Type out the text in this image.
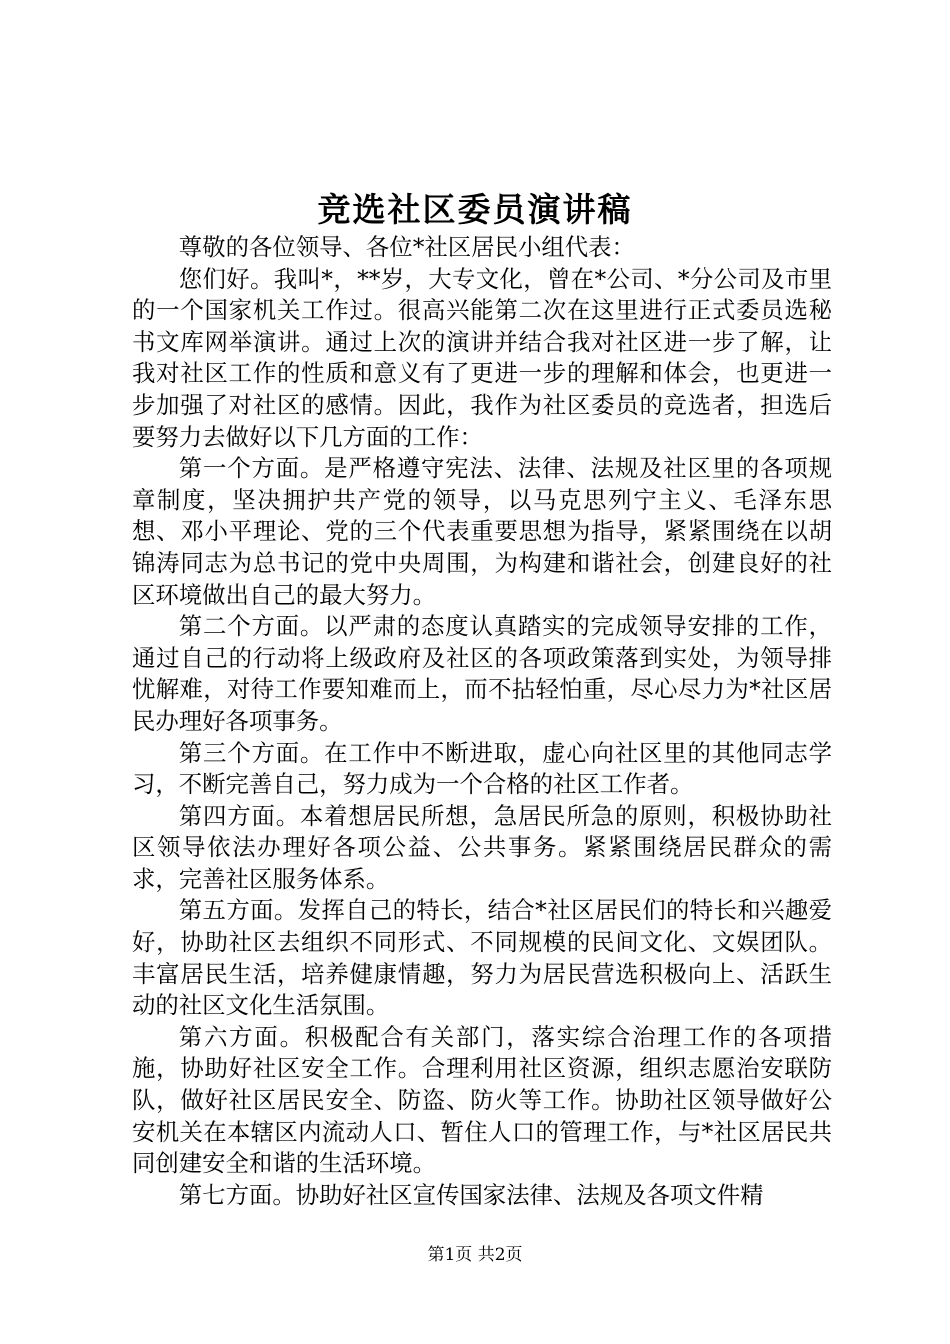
竞选社区委员演讲稿

尊敬的各位领导、各位*社区居民小组代表：

您们好。我叫*，**岁，大专文化，曾在*公司、*分公司及市里的一个国家机关工作过。很高兴能第二次在这里进行正式委员选秘书文库网举演讲。通过上次的演讲并结合我对社区进一步了解，让我对社区工作的性质和意义有了更进一步的理解和体会，也更进一步加强了对社区的感情。因此，我作为社区委员的竞选者，担选后要努力去做好以下几方面的工作：

第一个方面。是严格遵守宪法、法律、法规及社区里的各项规章制度，坚决拥护共产党的领导，以马克思列宁主义、毛泽东思想、邓小平理论、党的三个代表重要思想为指导，紧紧围绕在以胡锦涛同志为总书记的党中央周围，为构建和谐社会，创建良好的社区环境做出自己的最大努力。

第二个方面。以严肃的态度认真踏实的完成领导安排的工作，通过自己的行动将上级政府及社区的各项政策落到实处，为领导排忧解难，对待工作要知难而上，而不拈轻怕重，尽心尽力为*社区居民办理好各项事务。

第三个方面。在工作中不断进取，虚心向社区里的其他同志学习，不断完善自己，努力成为一个合格的社区工作者。

第四方面。本着想居民所想，急居民所急的原则，积极协助社区领导依法办理好各项公益、公共事务。紧紧围绕居民群众的需求，完善社区服务体系。

第五方面。发挥自己的特长，结合*社区居民们的特长和兴趣爱好，协助社区去组织不同形式、不同规模的民间文化、文娱团队。丰富居民生活，培养健康情趣，努力为居民营选积极向上、活跃生动的社区文化生活氛围。

第六方面。积极配合有关部门，落实综合治理工作的各项措施，协助好社区安全工作。合理利用社区资源，组织志愿治安联防队，做好社区居民安全、防盗、防火等工作。协助社区领导做好公安机关在本辖区内流动人口、暂住人口的管理工作，与*社区居民共同创建安全和谐的生活环境。

第七方面。协助好社区宣传国家法律、法规及各项文件精

第1页 共2页
